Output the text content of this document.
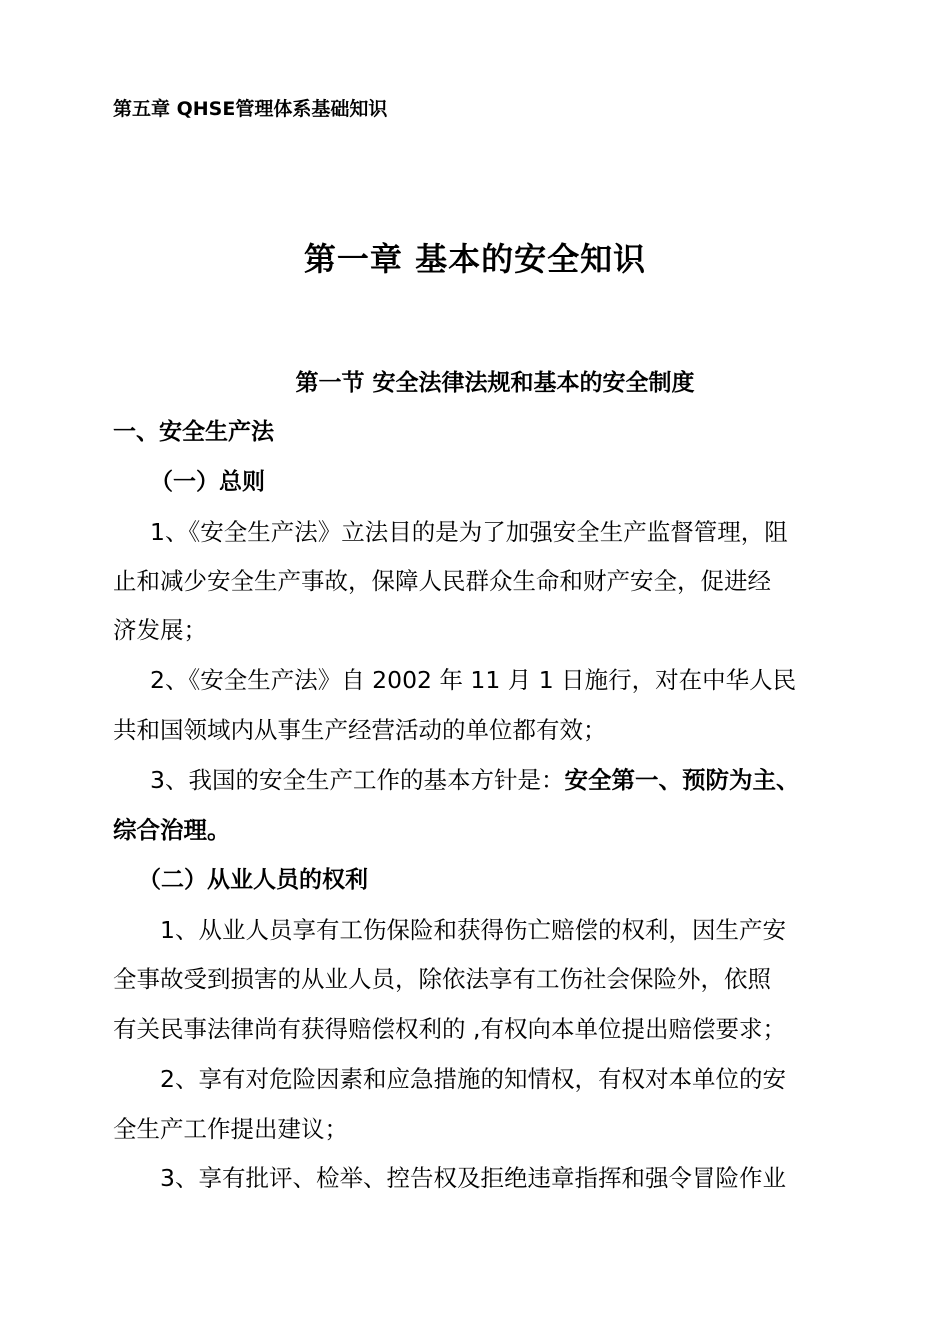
第五章 QHSE管理体系基础知识
第一章 基本的安全知识
第一节 安全法律法规和基本的安全制度
一、安全生产法
（一）总则
1、《安全生产法》立法目的是为了加强安全生产监督管理，阻
止和减少安全生产事故，保障人民群众生命和财产安全，促进经
济发展；
2、《安全生产法》自 2002 年 11 月 1 日施行，对在中华人民
共和国领域内从事生产经营活动的单位都有效；
3、我国的安全生产工作的基本方针是：安全第一、预防为主、
综合治理。
（二）从业人员的权利
1、从业人员享有工伤保险和获得伤亡赔偿的权利，因生产安
全事故受到损害的从业人员，除依法享有工伤社会保险外，依照
有关民事法律尚有获得赔偿权利的 ,有权向本单位提出赔偿要求；
2、享有对危险因素和应急措施的知情权，有权对本单位的安
全生产工作提出建议；
3、享有批评、检举、控告权及拒绝违章指挥和强令冒险作业
